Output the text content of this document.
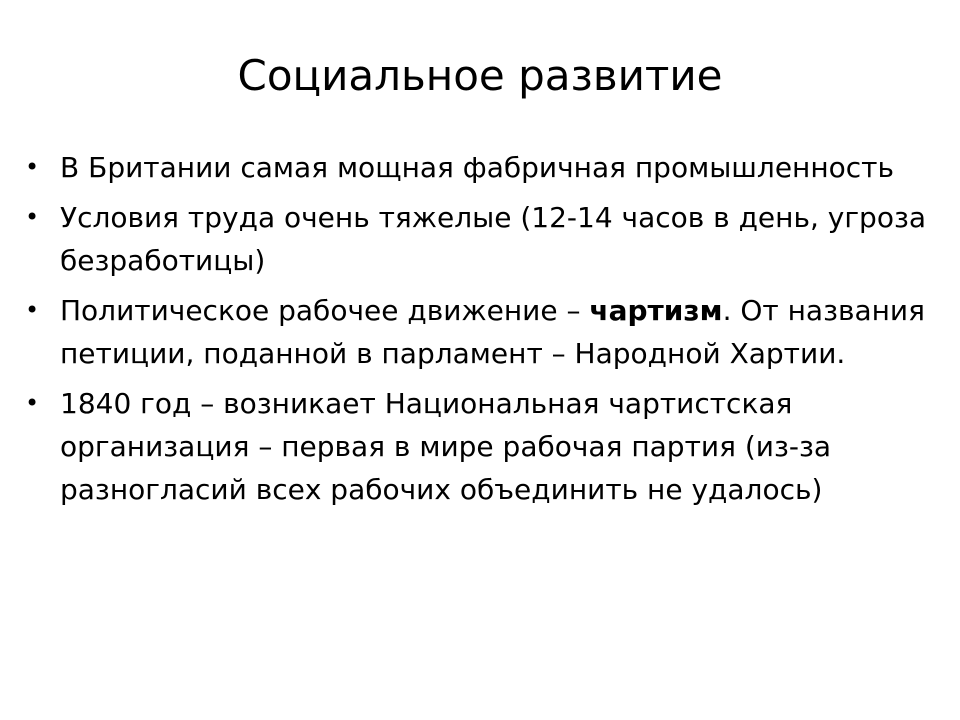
Социальное развитие
• В Британии самая мощная фабричная промышленность
• Условия труда очень тяжелые (12-14 часов в день, угроза безработицы)
• Политическое рабочее движение – чартизм. От названия петиции, поданной в парламент – Народной Хартии.
• 1840 год – возникает Национальная чартистская организация – первая в мире рабочая партия (из-за разногласий всех рабочих объединить не удалось)
